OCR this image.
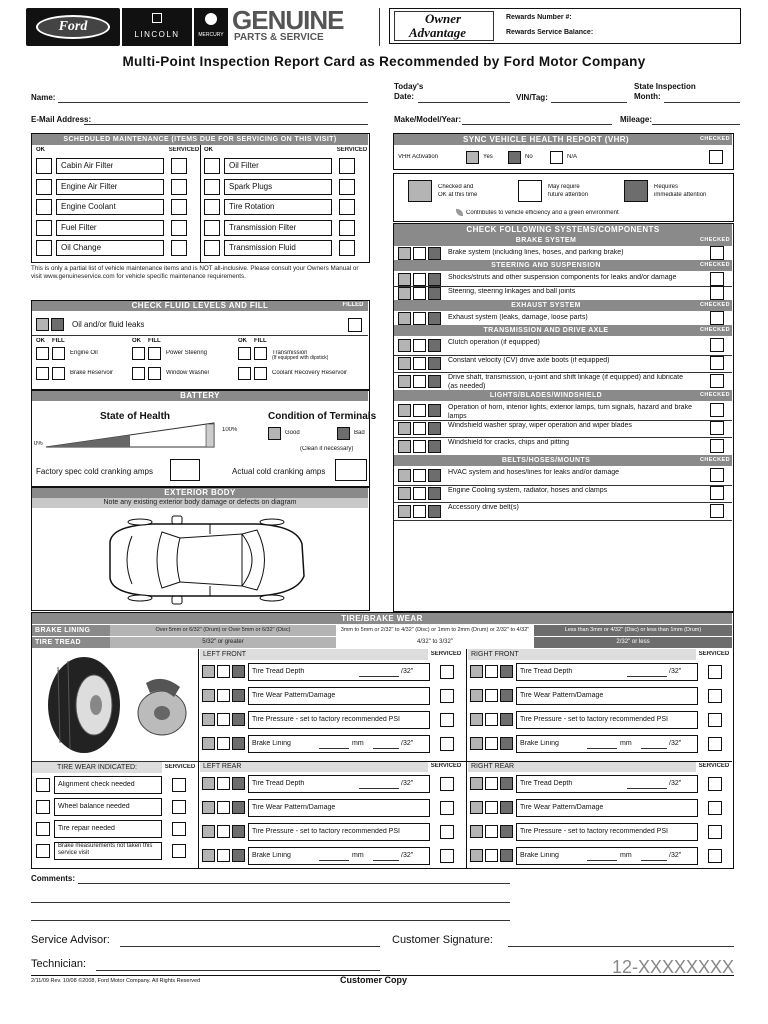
Ford
LINCOLN	MERCURY GENUINE
PARTS & SERVICE
Owner
Advantage
Rewards Number #:
Rewards Service Balance:
Multi-Point Inspection Report Card as Recommended by Ford Motor Company
Name:
E-Mail Address:
Today's
Date:	VIN/Tag:
State Inspection
Month:
Make/Model/Year:	Mileage:
SCHEDULED MAINTENANCE (ITEMS DUE FOR SERVICING ON THIS VISIT)
OK	SERVICED OK	SERVICED
Cabin Air Filter	Oil Filter
Engine Air Filter	Spark Plugs
Engine Coolant	Tire Rotation
Fuel Filter	Transmission Filter
Oil Change	Transmission Fluid
This is only a partial list of vehicle maintenance items and is NOT all-inclusive. Please consult your Owners Manual or visit www.genuineservice.com for vehicle specific maintenance requirements.
CHECK FLUID LEVELS AND FILL	FILLED
Oil and/or fluid leaks
OK	OK	OK
FILL	FILL	FILL
Engine Oil	Power Steering	Transmission
Brake Reservoir	Window Washer	Coolant Recovery Reservoir
(If equipped with dipstick)
BATTERY
State of Health
0%
100%
Condition of Terminals
Good	Bad
(Clean if necessary)
Factory spec cold cranking amps	Actual cold cranking amps
EXTERIOR BODY
Note any existing exterior body damage or defects on diagram
SYNC VEHICLE HEALTH REPORT (VHR)	CHECKED
VHR Activation	Yes	No	N/A
Checked and
OK at this time
May require
future attention
Requires
immediate attention
Contributes to vehicle efficiency and a green environment
CHECK FOLLOWING SYSTEMS/COMPONENTS
BRAKE SYSTEM	CHECKED
Brake system (including lines, hoses, and parking brake)
STEERING AND SUSPENSION	CHECKED
Shocks/struts and other suspension components for leaks and/or damage
Steering, steering linkages and ball joints
EXHAUST SYSTEM	CHECKED
Exhaust system (leaks, damage, loose parts)
TRANSMISSION AND DRIVE AXLE	CHECKED
Clutch operation (if equipped)
Constant velocity (CV) drive axle boots (if equipped)
Drive shaft, transmission, u-joint and shift linkage (if equipped) and lubricate (as needed)
LIGHTS/BLADES/WINDSHIELD	CHECKED
Operation of horn, interior lights, exterior lamps, turn signals, hazard and brake lamps
Windshield washer spray, wiper operation and wiper blades
Windshield for cracks, chips and pitting
BELTS/HOSES/MOUNTS	CHECKED
HVAC system and hoses/lines for leaks and/or damage
Engine Cooling system, radiator, hoses and clamps
Accessory drive belt(s)
TIRE/BRAKE WEAR
BRAKE LINING	Over 5mm or 6/32" (Drum) or Over 5mm or 6/32" (Disc)	3mm to 5mm or 2/32" to 4/32" (Disc) or 1mm to 2mm (Drum) or 2/32" to 4/32"	Less than 3mm or 4/32" (Disc) or less than 1mm (Drum)
TIRE TREAD	5/32" or greater	4/32" to 3/32"	2/32" or less
TIRE WEAR INDICATED:	SERVICED
Alignment check needed
Wheel balance needed
Tire repair needed
Brake measurements not taken this service visit
LEFT FRONT	SERVICED
Tire Tread Depth	/32"
Tire Wear Pattern/Damage
Tire Pressure - set to factory recommended PSI
Brake Lining	mm	/32"
RIGHT FRONT	SERVICED
Tire Tread Depth	/32"
Tire Wear Pattern/Damage
Tire Pressure - set to factory recommended PSI
Brake Lining	mm	/32"
LEFT REAR	SERVICED
Tire Tread Depth	/32"
Tire Wear Pattern/Damage
Tire Pressure - set to factory recommended PSI
Brake Lining	mm	/32"
RIGHT REAR	SERVICED
Tire Tread Depth	/32"
Tire Wear Pattern/Damage
Tire Pressure - set to factory recommended PSI
Brake Lining	mm	/32"
Comments:
Service Advisor:	Customer Signature:
Technician:
2/11/09 Rev. 10/08 ©2008, Ford Motor Company. All Rights Reserved	Customer Copy
12-XXXXXXXX
